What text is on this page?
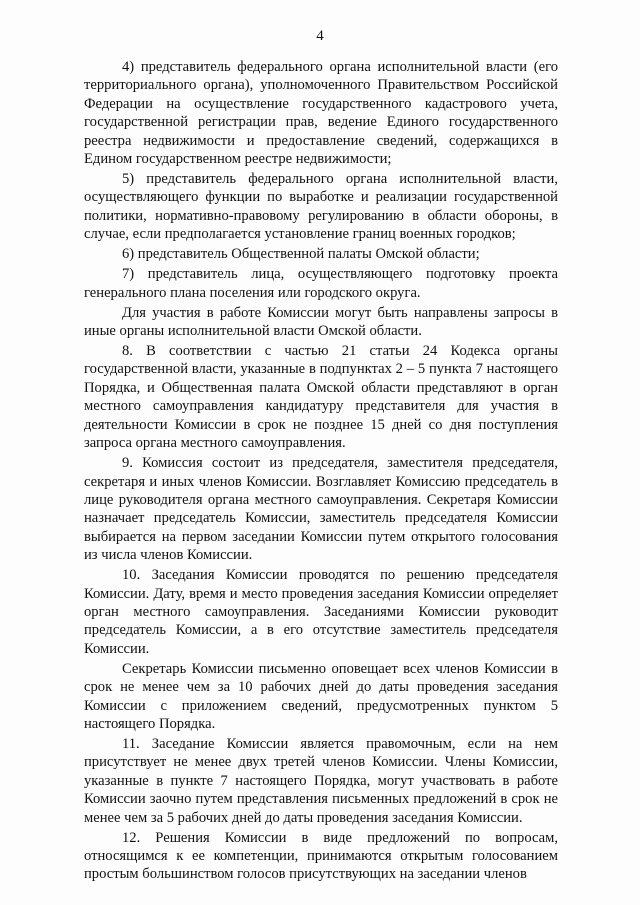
4

4) представитель федерального органа исполнительной власти (его территориального органа), уполномоченного Правительством Российской Федерации на осуществление государственного кадастрового учета, государственной регистрации прав, ведение Единого государственного реестра недвижимости и предоставление сведений, содержащихся в Едином государственном реестре недвижимости;

5) представитель федерального органа исполнительной власти, осуществляющего функции по выработке и реализации государственной политики, нормативно-правовому регулированию в области обороны, в случае, если предполагается установление границ военных городков;

6) представитель Общественной палаты Омской области;

7) представитель лица, осуществляющего подготовку проекта генерального плана поселения или городского округа.

Для участия в работе Комиссии могут быть направлены запросы в иные органы исполнительной власти Омской области.

8. В соответствии с частью 21 статьи 24 Кодекса органы государственной власти, указанные в подпунктах 2 – 5 пункта 7 настоящего Порядка, и Общественная палата Омской области представляют в орган местного самоуправления кандидатуру представителя для участия в деятельности Комиссии в срок не позднее 15 дней со дня поступления запроса органа местного самоуправления.

9. Комиссия состоит из председателя, заместителя председателя, секретаря и иных членов Комиссии. Возглавляет Комиссию председатель в лице руководителя органа местного самоуправления. Секретаря Комиссии назначает председатель Комиссии, заместитель председателя Комиссии выбирается на первом заседании Комиссии путем открытого голосования из числа членов Комиссии.

10. Заседания Комиссии проводятся по решению председателя Комиссии. Дату, время и место проведения заседания Комиссии определяет орган местного самоуправления. Заседаниями Комиссии руководит председатель Комиссии, а в его отсутствие заместитель председателя Комиссии.

Секретарь Комиссии письменно оповещает всех членов Комиссии в срок не менее чем за 10 рабочих дней до даты проведения заседания Комиссии с приложением сведений, предусмотренных пунктом 5 настоящего Порядка.

11. Заседание Комиссии является правомочным, если на нем присутствует не менее двух третей членов Комиссии. Члены Комиссии, указанные в пункте 7 настоящего Порядка, могут участвовать в работе Комиссии заочно путем представления письменных предложений в срок не менее чем за 5 рабочих дней до даты проведения заседания Комиссии.

12. Решения Комиссии в виде предложений по вопросам, относящимся к ее компетенции, принимаются открытым голосованием простым большинством голосов присутствующих на заседании членов
